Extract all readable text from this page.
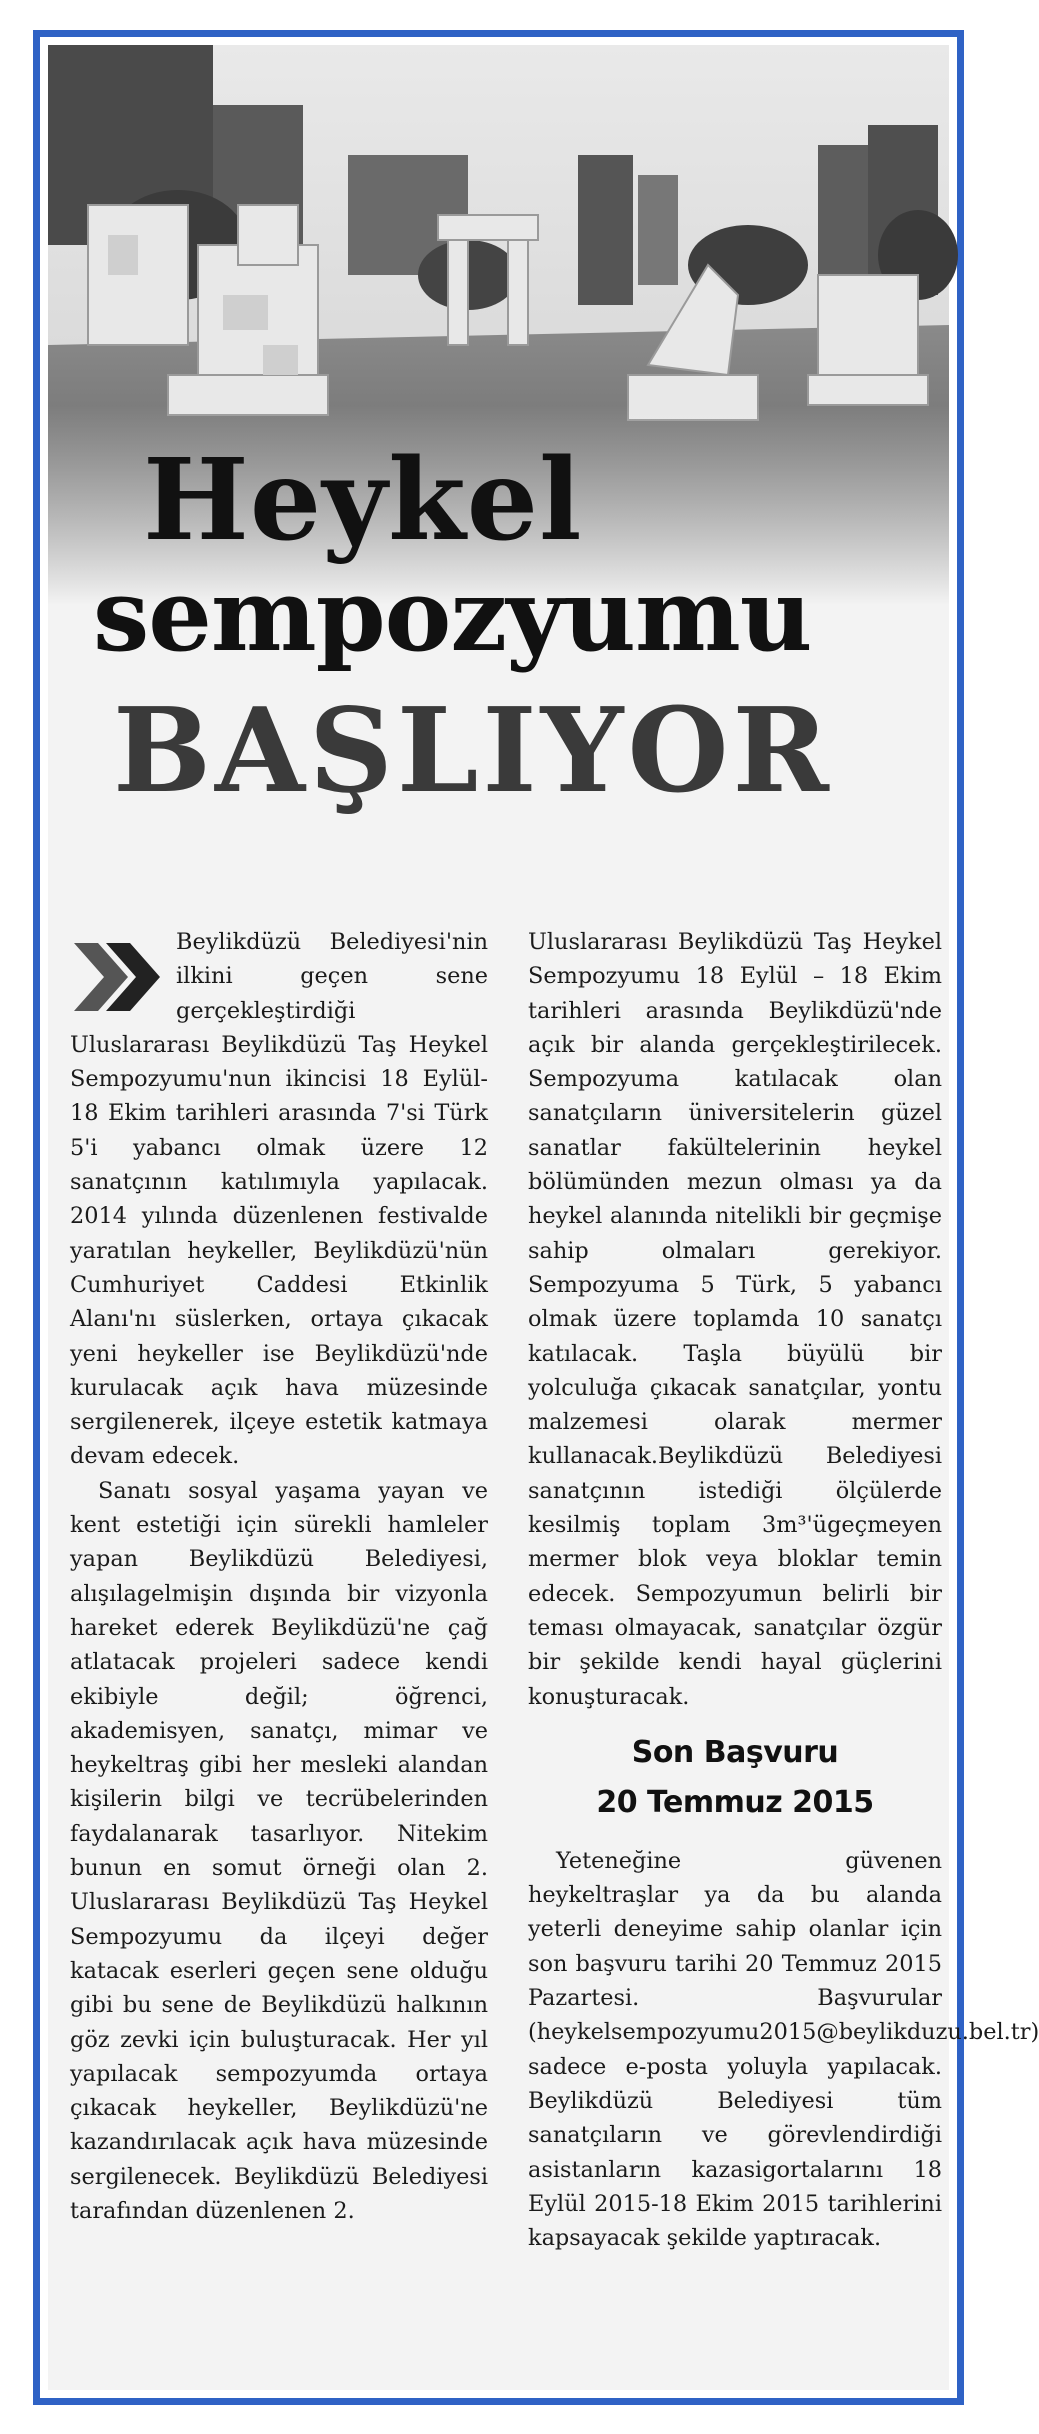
Heykel
sempozyumu
BAŞLIYOR

Beylikdüzü Belediyesi'nin ilkini geçen sene gerçekleştirdiği Uluslararası Beylikdüzü Taş Heykel Sempozyumu'nun ikincisi 18 Eylül-18 Ekim tarihleri arasında 7'si Türk 5'i yabancı olmak üzere 12 sanatçının katılımıyla yapılacak. 2014 yılında düzenlenen festivalde yaratılan heykeller, Beylikdüzü'nün Cumhuriyet Caddesi Etkinlik Alanı'nı süslerken, ortaya çıkacak yeni heykeller ise Beylikdüzü'nde kurulacak açık hava müzesinde sergilenerek, ilçeye estetik katmaya devam edecek.

Sanatı sosyal yaşama yayan ve kent estetiği için sürekli hamleler yapan Beylikdüzü Belediyesi, alışılagelmişin dışında bir vizyonla hareket ederek Beylikdüzü'ne çağ atlatacak projeleri sadece kendi ekibiyle değil; öğrenci, akademisyen, sanatçı, mimar ve heykeltraş gibi her mesleki alandan kişilerin bilgi ve tecrübelerinden faydalanarak tasarlıyor. Nitekim bunun en somut örneği olan 2. Uluslararası Beylikdüzü Taş Heykel Sempozyumu da ilçeyi değer katacak eserleri geçen sene olduğu gibi bu sene de Beylikdüzü halkının göz zevki için buluşturacak. Her yıl yapılacak sempozyumda ortaya çıkacak heykeller, Beylikdüzü'ne kazandırılacak açık hava müzesinde sergilenecek. Beylikdüzü Belediyesi tarafından düzenlenen 2.

Uluslararası Beylikdüzü Taş Heykel Sempozyumu 18 Eylül – 18 Ekim tarihleri arasında Beylikdüzü'nde açık bir alanda gerçekleştirilecek. Sempozyuma katılacak olan sanatçıların üniversitelerin güzel sanatlar fakültelerinin heykel bölümünden mezun olması ya da heykel alanında nitelikli bir geçmişe sahip olmaları gerekiyor. Sempozyuma 5 Türk, 5 yabancı olmak üzere toplamda 10 sanatçı katılacak. Taşla büyülü bir yolculuğa çıkacak sanatçılar, yontu malzemesi olarak mermer kullanacak.Beylikdüzü Belediyesi sanatçının istediği ölçülerde kesilmiş toplam 3m³'ügeçmeyen mermer blok veya bloklar temin edecek. Sempozyumun belirli bir teması olmayacak, sanatçılar özgür bir şekilde kendi hayal güçlerini konuşturacak.

Son Başvuru
20 Temmuz 2015

Yeteneğine güvenen heykeltraşlar ya da bu alanda yeterli deneyime sahip olanlar için son başvuru tarihi 20 Temmuz 2015 Pazartesi. Başvurular (heykelsempozyumu2015@beylikduzu.bel.tr) sadece e-posta yoluyla yapılacak. Beylikdüzü Belediyesi tüm sanatçıların ve görevlendirdiği asistanların kazasigortalarını 18 Eylül 2015-18 Ekim 2015 tarihlerini kapsayacak şekilde yaptıracak.
